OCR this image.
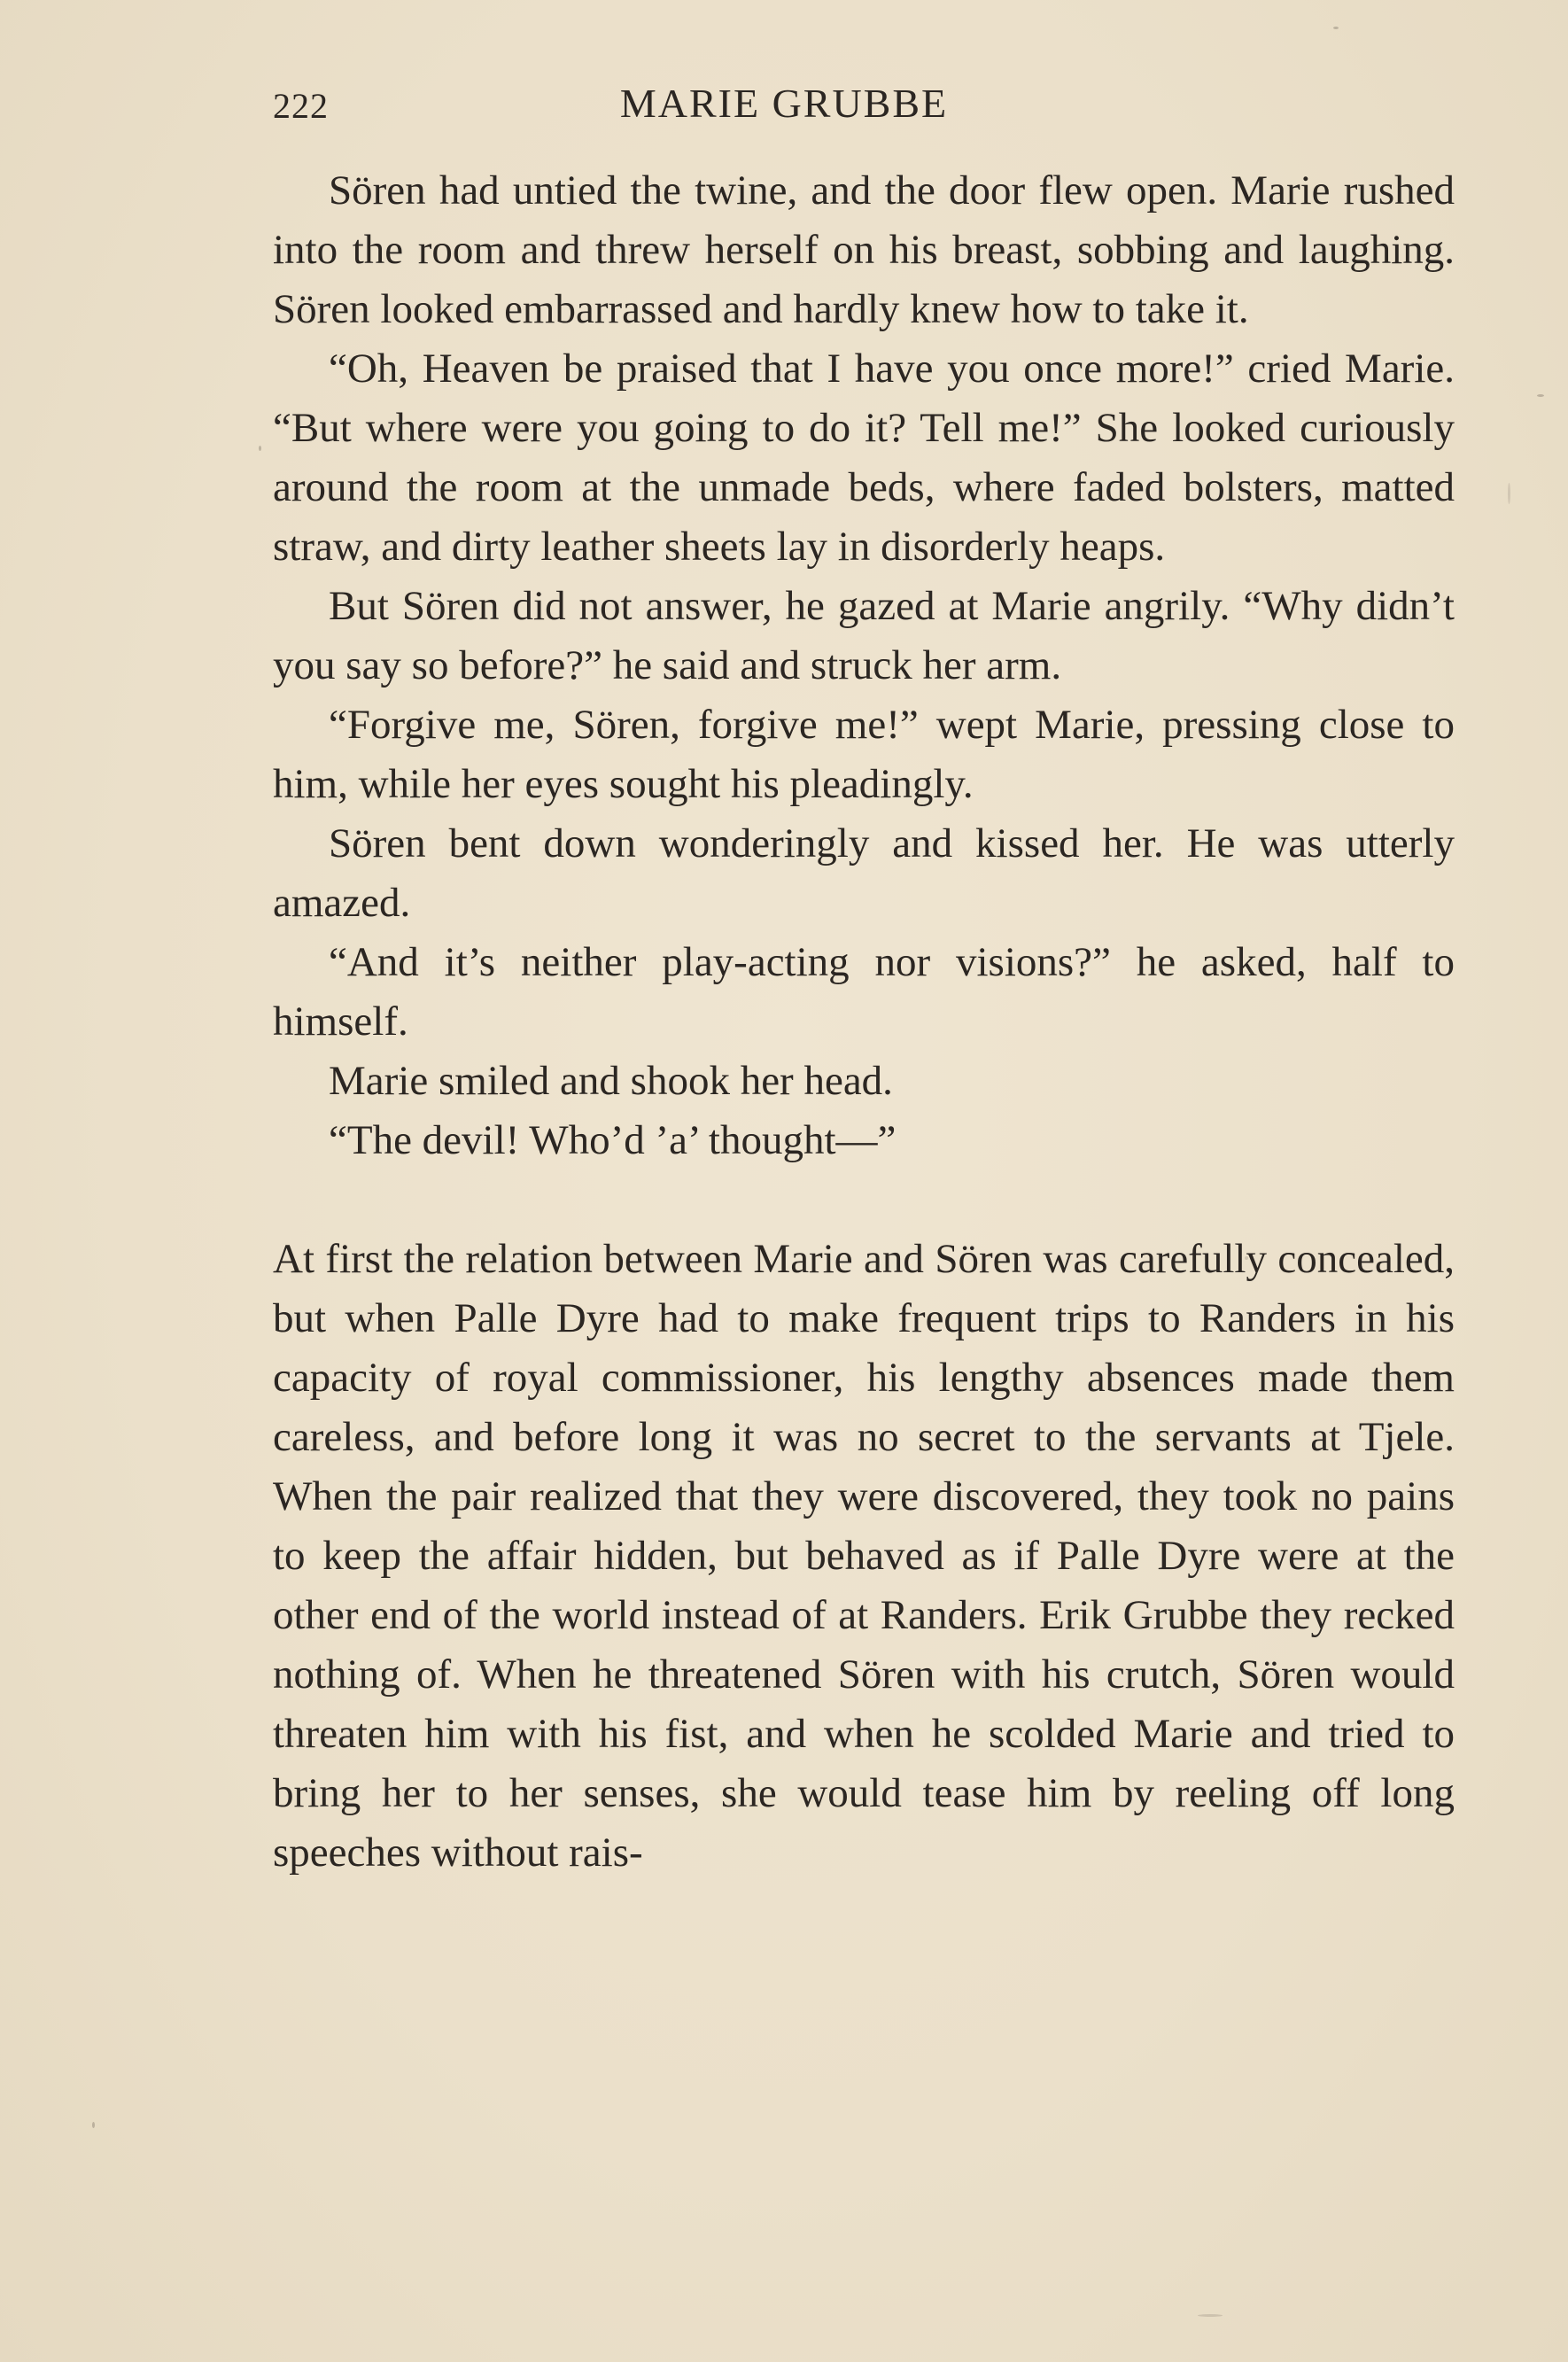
222	MARIE GRUBBE

Sören had untied the twine, and the door flew open. Marie rushed into the room and threw herself on his breast, sobbing and laughing. Sören looked embarrassed and hardly knew how to take it.

“Oh, Heaven be praised that I have you once more!” cried Marie. “But where were you going to do it? Tell me!” She looked curiously around the room at the unmade beds, where faded bolsters, matted straw, and dirty leather sheets lay in disorderly heaps.

But Sören did not answer, he gazed at Marie angrily. “Why didn’t you say so before?” he said and struck her arm.

“Forgive me, Sören, forgive me!” wept Marie, pressing close to him, while her eyes sought his pleadingly.

Sören bent down wonderingly and kissed her. He was utterly amazed.

“And it’s neither play-acting nor visions?” he asked, half to himself.

Marie smiled and shook her head.

“The devil! Who’d ’a’ thought—”

At first the relation between Marie and Sören was carefully concealed, but when Palle Dyre had to make frequent trips to Randers in his capacity of royal commissioner, his lengthy absences made them careless, and before long it was no secret to the servants at Tjele. When the pair realized that they were discovered, they took no pains to keep the affair hidden, but behaved as if Palle Dyre were at the other end of the world instead of at Randers. Erik Grubbe they recked nothing of. When he threatened Sören with his crutch, Sören would threaten him with his fist, and when he scolded Marie and tried to bring her to her senses, she would tease him by reeling off long speeches without rais-
